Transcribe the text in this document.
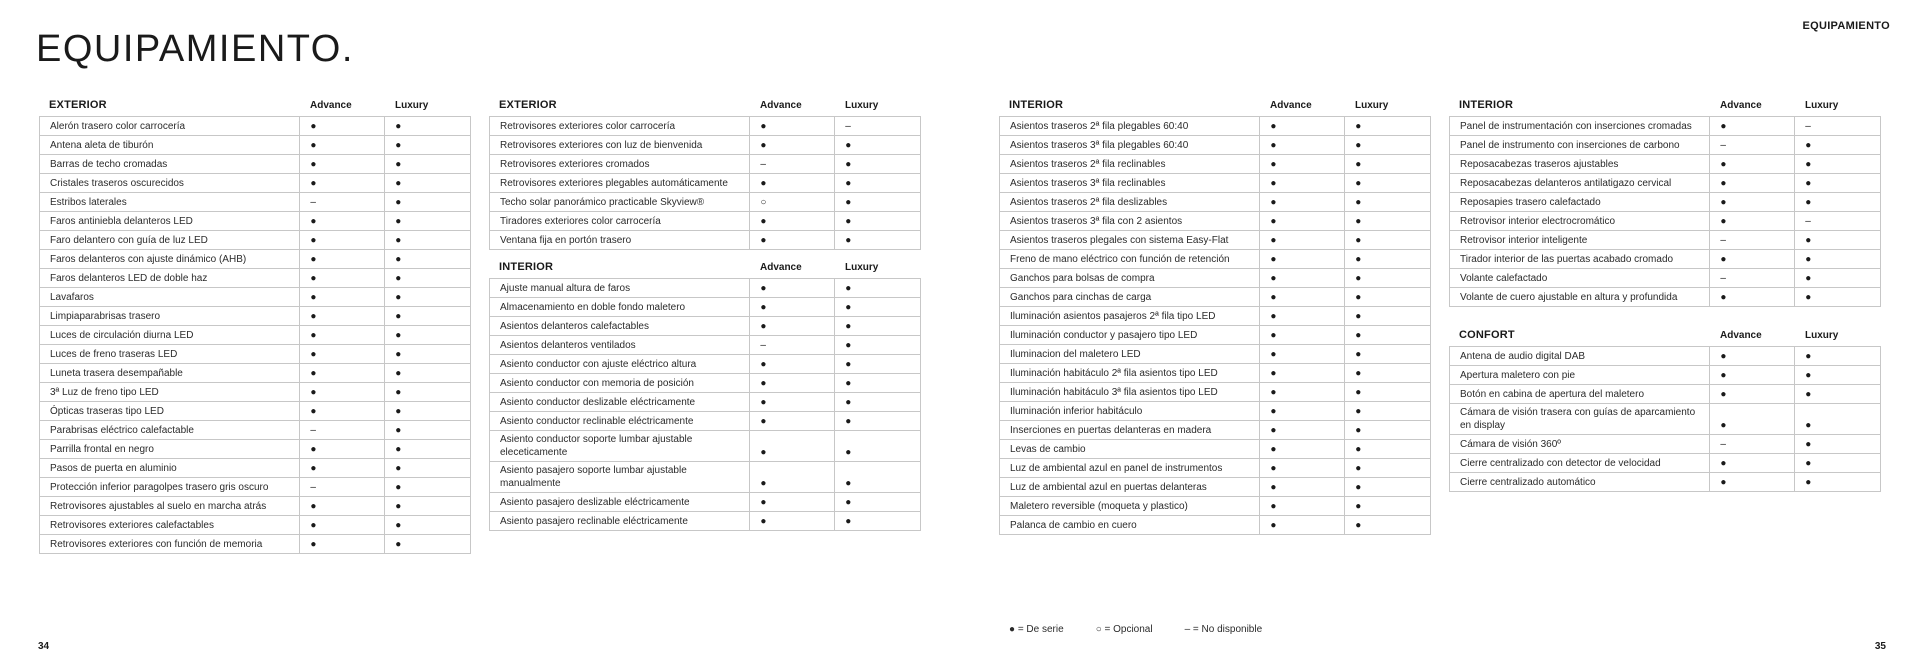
EQUIPAMIENTO.
EQUIPAMIENTO
EXTERIOR	Advance	Luxury
Alerón trasero color carrocería	●	●
Antena aleta de tiburón	●	●
Barras de techo cromadas	●	●
Cristales traseros oscurecidos	●	●
Estribos laterales	–	●
Faros antiniebla delanteros LED	●	●
Faro delantero con guía de luz LED	●	●
Faros delanteros con ajuste dinámico (AHB)	●	●
Faros delanteros LED de doble haz	●	●
Lavafaros	●	●
Limpiaparabrisas trasero	●	●
Luces de circulación diurna LED	●	●
Luces de freno traseras LED	●	●
Luneta trasera desempañable	●	●
3ª Luz de freno tipo LED	●	●
Ópticas traseras tipo LED	●	●
Parabrisas eléctrico calefactable	–	●
Parrilla frontal en negro	●	●
Pasos de puerta en aluminio	●	●
Protección inferior paragolpes trasero gris oscuro	–	●
Retrovisores ajustables al suelo en marcha atrás	●	●
Retrovisores exteriores calefactables	●	●
Retrovisores exteriores con función de memoria	●	●
EXTERIOR	Advance	Luxury
Retrovisores exteriores color carrocería	●	–
Retrovisores exteriores con luz de bienvenida	●	●
Retrovisores exteriores cromados	–	●
Retrovisores exteriores plegables automáticamente	●	●
Techo solar panorámico practicable Skyview®	○	●
Tiradores exteriores color carrocería	●	●
Ventana fija en portón trasero	●	●
INTERIOR	Advance	Luxury
Ajuste manual altura de faros	●	●
Almacenamiento en doble fondo maletero	●	●
Asientos delanteros calefactables	●	●
Asientos delanteros ventilados	–	●
Asiento conductor con ajuste eléctrico altura	●	●
Asiento conductor con memoria de posición	●	●
Asiento conductor deslizable eléctricamente	●	●
Asiento conductor reclinable eléctricamente	●	●
Asiento conductor soporte lumbar ajustable eleceticamente	●	●
Asiento pasajero soporte lumbar ajustable manualmente	●	●
Asiento pasajero deslizable eléctricamente	●	●
Asiento pasajero reclinable eléctricamente	●	●
INTERIOR	Advance	Luxury
Asientos traseros 2ª fila plegables 60:40	●	●
Asientos traseros 3ª fila plegables 60:40	●	●
Asientos traseros 2ª fila reclinables	●	●
Asientos traseros 3ª fila reclinables	●	●
Asientos traseros 2ª fila deslizables	●	●
Asientos traseros 3ª fila con 2 asientos	●	●
Asientos traseros plegales con sistema Easy-Flat	●	●
Freno de mano eléctrico con función de retención	●	●
Ganchos para bolsas de compra	●	●
Ganchos para cinchas de carga	●	●
Iluminación asientos pasajeros 2ª fila tipo LED	●	●
Iluminación conductor y pasajero tipo LED	●	●
Iluminacion del maletero LED	●	●
Iluminación habitáculo 2ª fila asientos tipo LED	●	●
Iluminación habitáculo 3ª fila asientos tipo LED	●	●
Iluminación inferior habitáculo	●	●
Inserciones en puertas delanteras en madera	●	●
Levas de cambio	●	●
Luz de ambiental azul en panel de instrumentos	●	●
Luz de ambiental azul en puertas delanteras	●	●
Maletero reversible (moqueta y plastico)	●	●
Palanca de cambio en cuero	●	●
INTERIOR	Advance	Luxury
Panel de instrumentación con inserciones cromadas	●	–
Panel de instrumento con inserciones de carbono	–	●
Reposacabezas traseros ajustables	●	●
Reposacabezas delanteros antilatigazo cervical	●	●
Reposapies trasero calefactado	●	●
Retrovisor interior electrocromático	●	–
Retrovisor interior inteligente	–	●
Tirador interior de las puertas acabado cromado	●	●
Volante calefactado	–	●
Volante de cuero ajustable en altura y profundida	●	●
CONFORT	Advance	Luxury
Antena de audio digital DAB	●	●
Apertura maletero con pie	●	●
Botón en cabina de apertura del maletero	●	●
Cámara de visión trasera con guías de aparcamiento en display	●	●
Cámara de visión 360º	–	●
Cierre centralizado con detector de velocidad	●	●
Cierre centralizado automático	●	●
● = De serie	○ = Opcional	– = No disponible
34	35
